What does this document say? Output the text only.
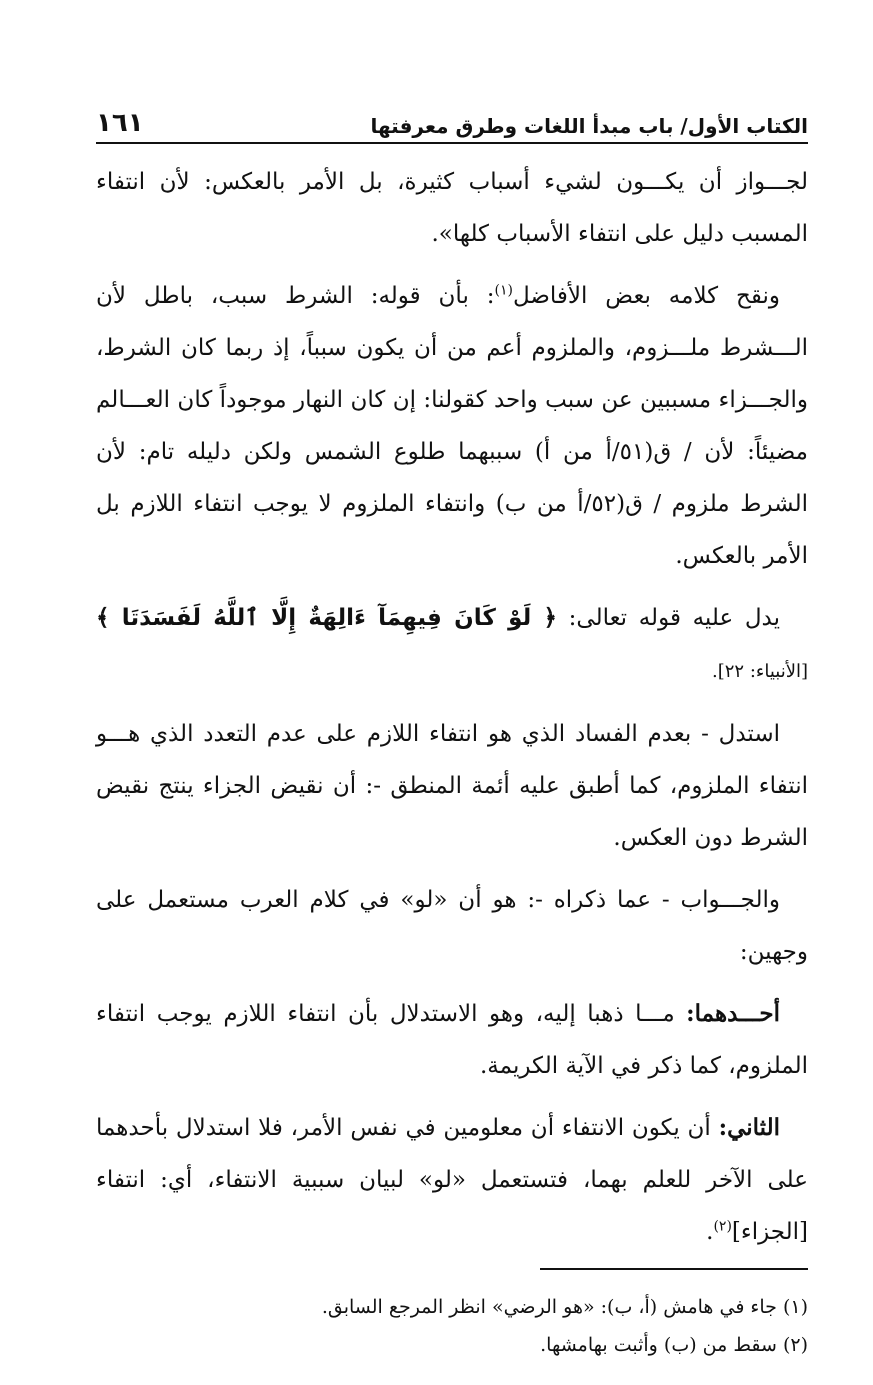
الكتاب الأول/ باب مبدأ اللغات وطرق معرفتها
١٦١

لجـــواز أن يكـــون لشيء أسباب كثيرة، بل الأمر بالعكس: لأن انتفاء المسبب دليل على انتفاء الأسباب كلها».

ونقح كلامه بعض الأفاضل$^{(١)}$: بأن قوله: الشرط سبب، باطل لأن الـــشرط ملـــزوم، والملزوم أعم من أن يكون سبباً، إذ ربما كان الشرط، والجـــزاء مسببين عن سبب واحد كقولنا: إن كان النهار موجوداً كان العـــالم مضيئاً: لأن / ق(٥١/أ من أ) سببهما طلوع الشمس ولكن دليله تام: لأن الشرط ملزوم / ق(٥٢/أ من ب) وانتفاء الملزوم لا يوجب انتفاء اللازم بل الأمر بالعكس.

يدل عليه قوله تعالى: ﴿ لَوْ كَانَ فِيهِمَآ ءَالِهَةٌ إِلَّا ٱللَّهُ لَفَسَدَتَا ﴾[الأنبياء: ٢٢].

استدل - بعدم الفساد الذي هو انتفاء اللازم على عدم التعدد الذي هـــو انتفاء الملزوم، كما أطبق عليه أئمة المنطق -: أن نقيض الجزاء ينتج نقيض الشرط دون العكس.

والجـــواب - عما ذكراه -: هو أن «لو» في كلام العرب مستعمل على وجهين:

أحـــدهما: مـــا ذهبا إليه، وهو الاستدلال بأن انتفاء اللازم يوجب انتفاء الملزوم، كما ذكر في الآية الكريمة.

الثاني: أن يكون الانتفاء أن معلومين في نفس الأمر، فلا استدلال بأحدهما على الآخر للعلم بهما، فتستعمل «لو» لبيان سببية الانتفاء، أي: انتفاء [الجزاء]$^{(٢)}$.

(١) جاء في هامش (أ، ب): «هو الرضي» انظر المرجع السابق.
(٢) سقط من (ب) وأثبت بهامشها.
